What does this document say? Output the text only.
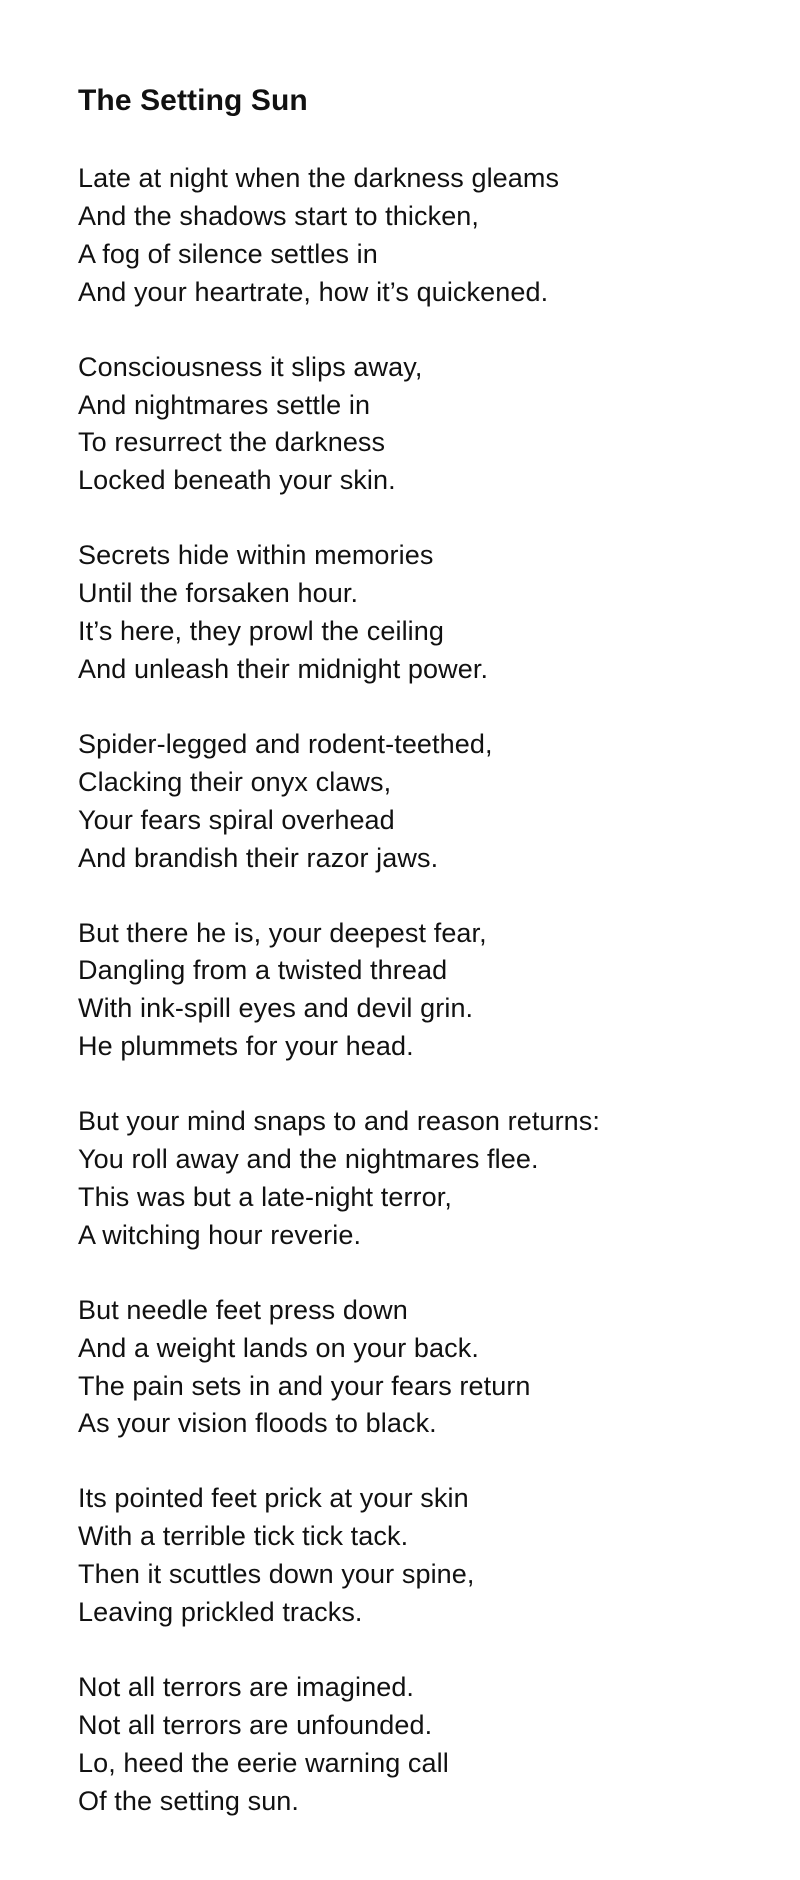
The Setting Sun
Late at night when the darkness gleams
And the shadows start to thicken,
A fog of silence settles in
And your heartrate, how it’s quickened.
Consciousness it slips away,
And nightmares settle in
To resurrect the darkness
Locked beneath your skin.
Secrets hide within memories
Until the forsaken hour.
It’s here, they prowl the ceiling
And unleash their midnight power.
Spider-legged and rodent-teethed,
Clacking their onyx claws,
Your fears spiral overhead
And brandish their razor jaws.
But there he is, your deepest fear,
Dangling from a twisted thread
With ink-spill eyes and devil grin.
He plummets for your head.
But your mind snaps to and reason returns:
You roll away and the nightmares flee.
This was but a late-night terror,
A witching hour reverie.
But needle feet press down
And a weight lands on your back.
The pain sets in and your fears return
As your vision floods to black.
Its pointed feet prick at your skin
With a terrible tick tick tack.
Then it scuttles down your spine,
Leaving prickled tracks.
Not all terrors are imagined.
Not all terrors are unfounded.
Lo, heed the eerie warning call
Of the setting sun.
